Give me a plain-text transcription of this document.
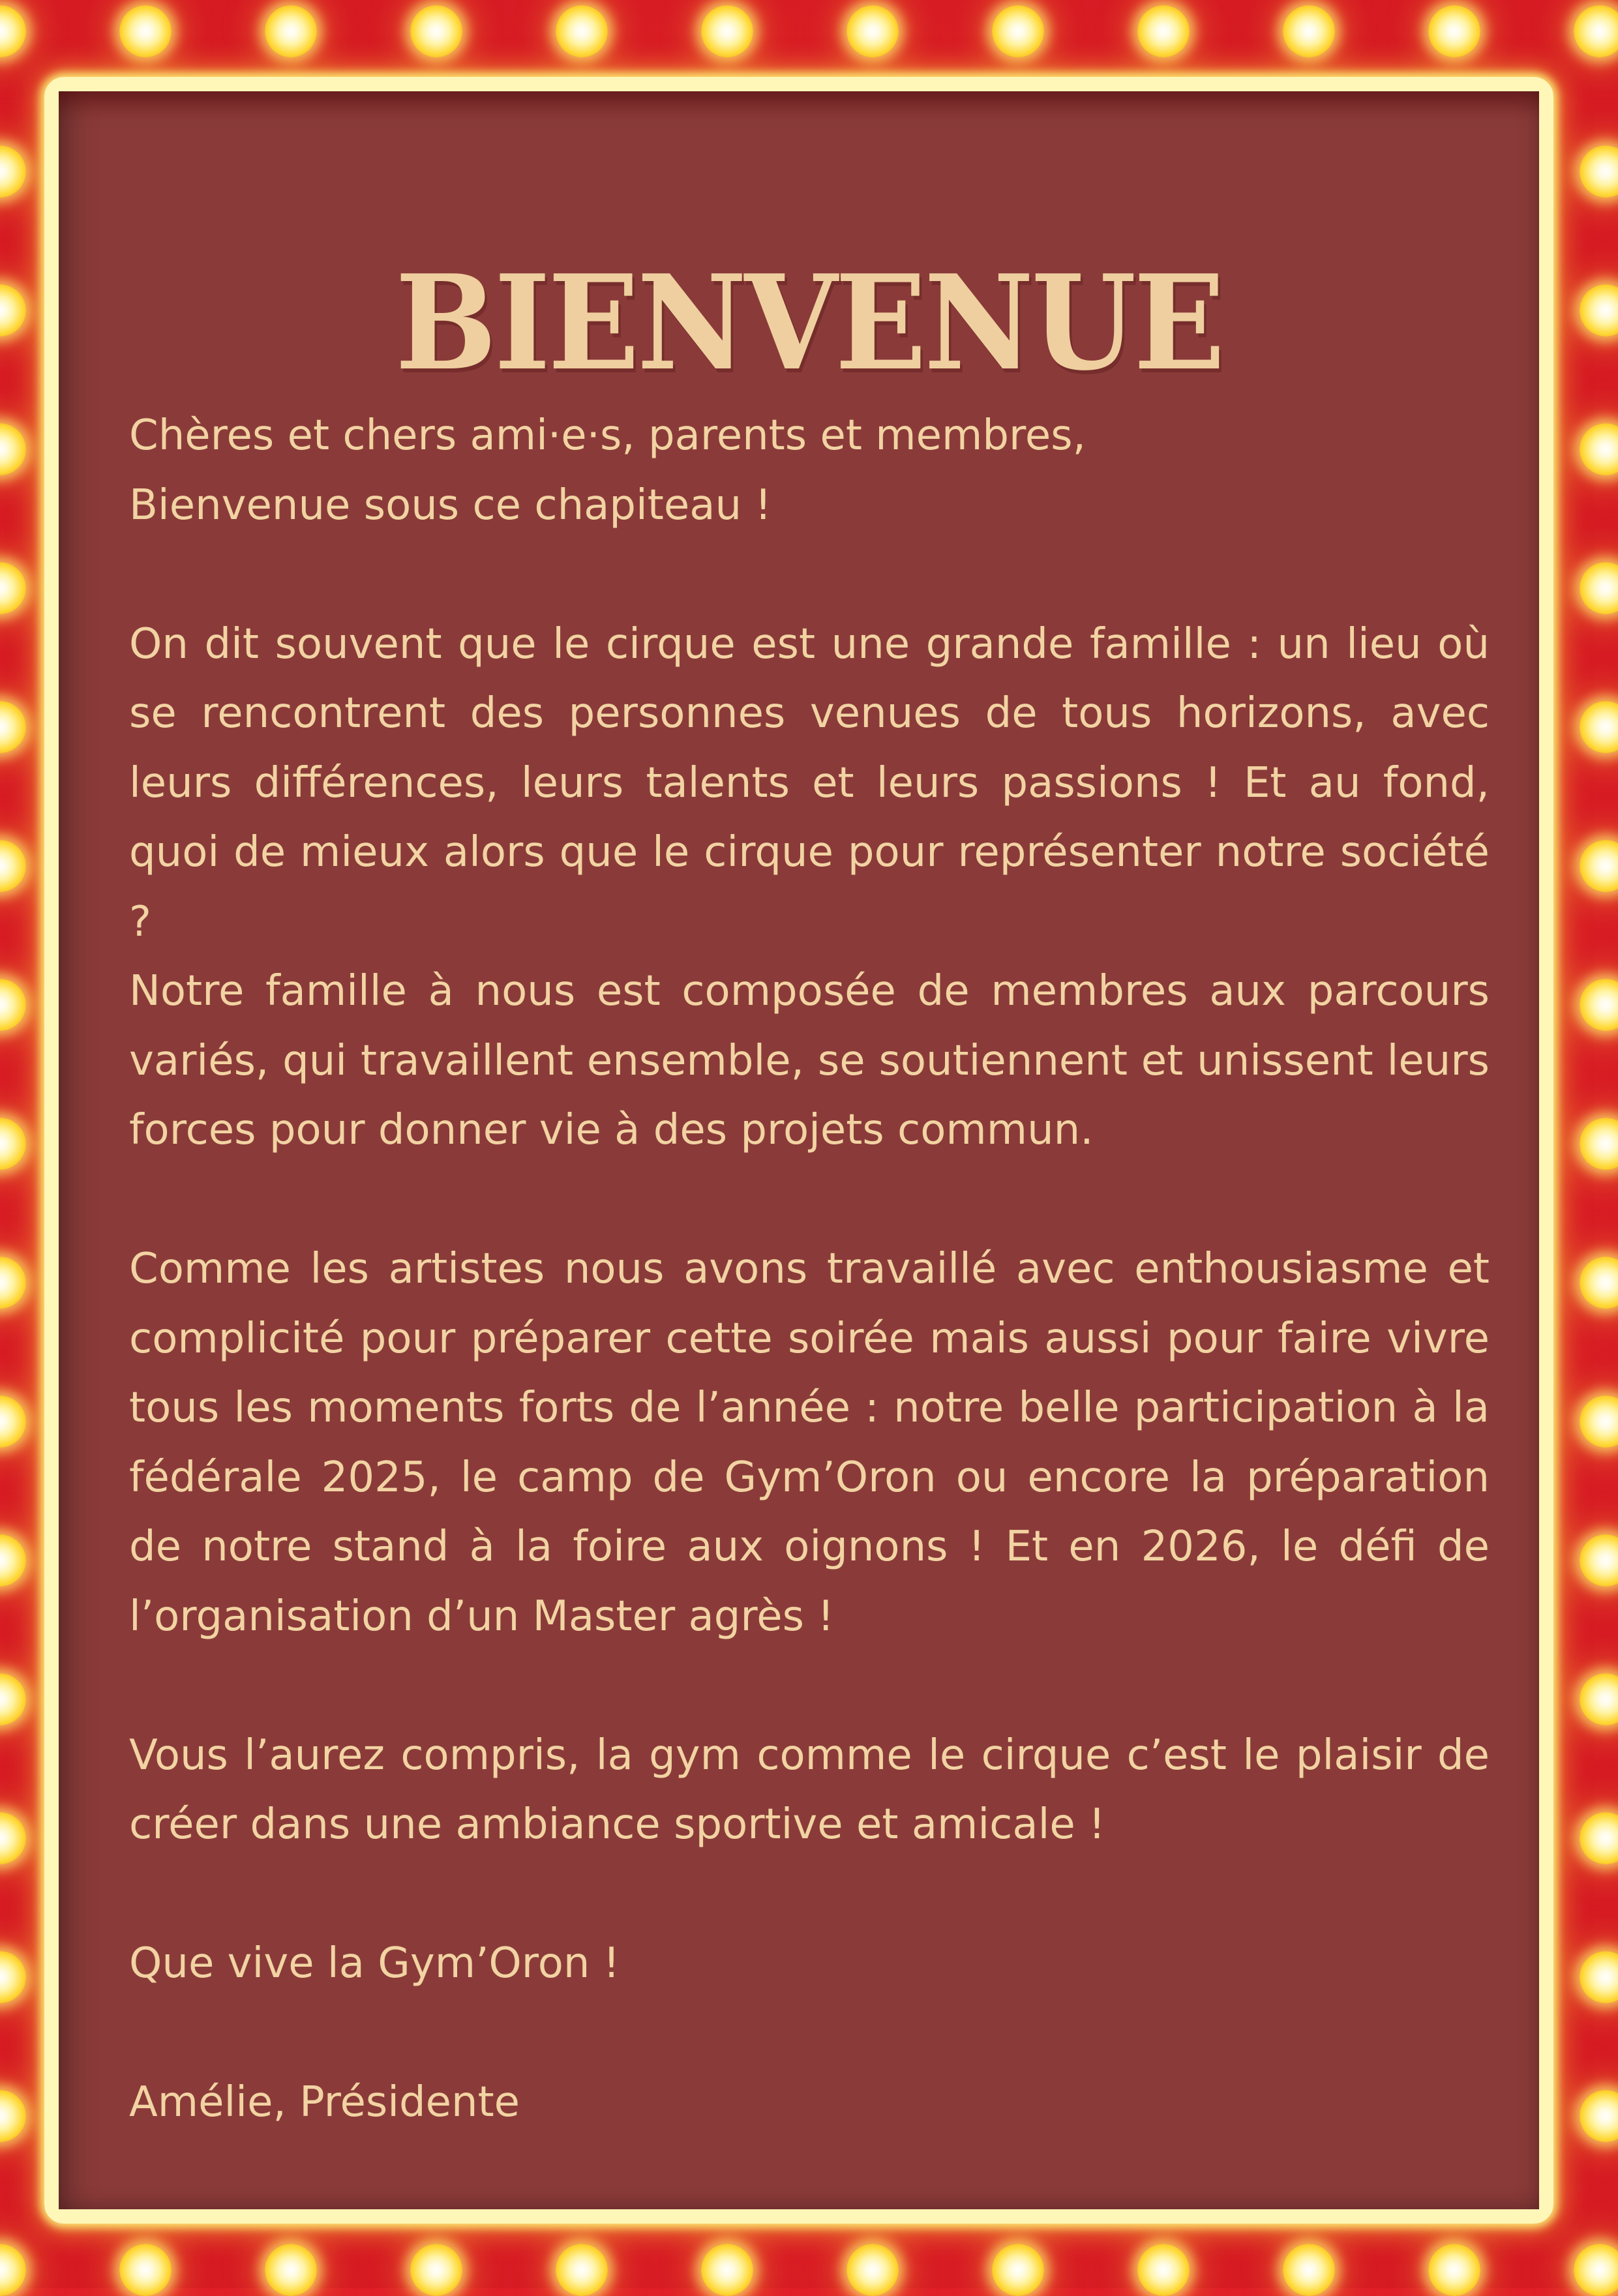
BIENVENUE

Chères et chers ami·e·s, parents et membres,

Bienvenue sous ce chapiteau !

On dit souvent que le cirque est une grande famille : un lieu où se rencontrent des personnes venues de tous horizons, avec leurs différences, leurs talents et leurs passions ! Et au fond, quoi de mieux alors que le cirque pour représenter notre société ?

Notre famille à nous est composée de membres aux parcours variés, qui travaillent ensemble, se soutiennent et unissent leurs forces pour donner vie à des projets commun.

Comme les artistes nous avons travaillé avec enthousiasme et complicité pour préparer cette soirée mais aussi pour faire vivre tous les moments forts de l’année : notre belle participation à la fédérale 2025, le camp de Gym’Oron ou encore la préparation de notre stand à la foire aux oignons ! Et en 2026, le défi de l’organisation d’un Master agrès !

Vous l’aurez compris, la gym comme le cirque c’est le plaisir de créer dans une ambiance sportive et amicale !

Que vive la Gym’Oron !

Amélie, Présidente
